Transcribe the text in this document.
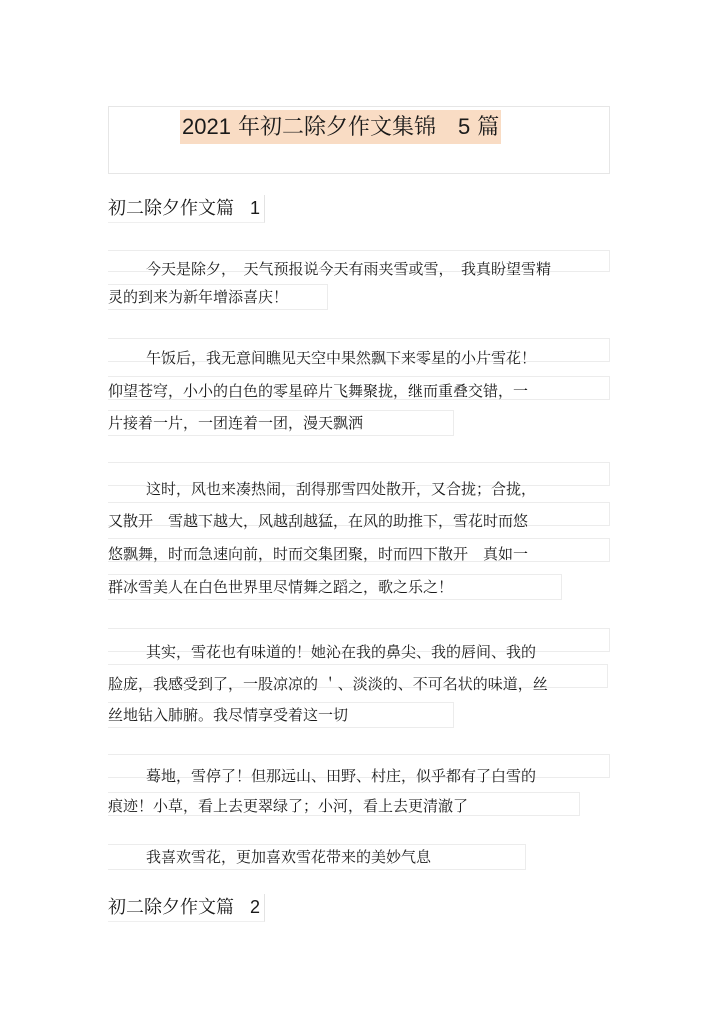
2021 年初二除夕作文集锦　5 篇
初二除夕作文篇 1
今天是除夕，　天气预报说今天有雨夹雪或雪，　我真盼望雪精
灵的到来为新年增添喜庆！
午饭后，我无意间瞧见天空中果然飘下来零星的小片雪花！
仰望苍穹，小小的白色的零星碎片飞舞聚拢，继而重叠交错，一
片接着一片，一团连着一团，漫天飘洒
这时，风也来凑热闹，刮得那雪四处散开，又合拢；合拢，
又散开　雪越下越大，风越刮越猛，在风的助推下，雪花时而悠
悠飘舞，时而急速向前，时而交集团聚，时而四下散开　真如一
群冰雪美人在白色世界里尽情舞之蹈之，歌之乐之！
其实，雪花也有味道的！她沁在我的鼻尖、我的唇间、我的
脸庞，我感受到了，一股凉凉的 ＇、淡淡的、不可名状的味道，丝
丝地钻入肺腑。我尽情享受着这一切
蓦地，雪停了！但那远山、田野、村庄，似乎都有了白雪的
痕迹！小草，看上去更翠绿了；小河，看上去更清澈了
我喜欢雪花，更加喜欢雪花带来的美妙气息
初二除夕作文篇 2
